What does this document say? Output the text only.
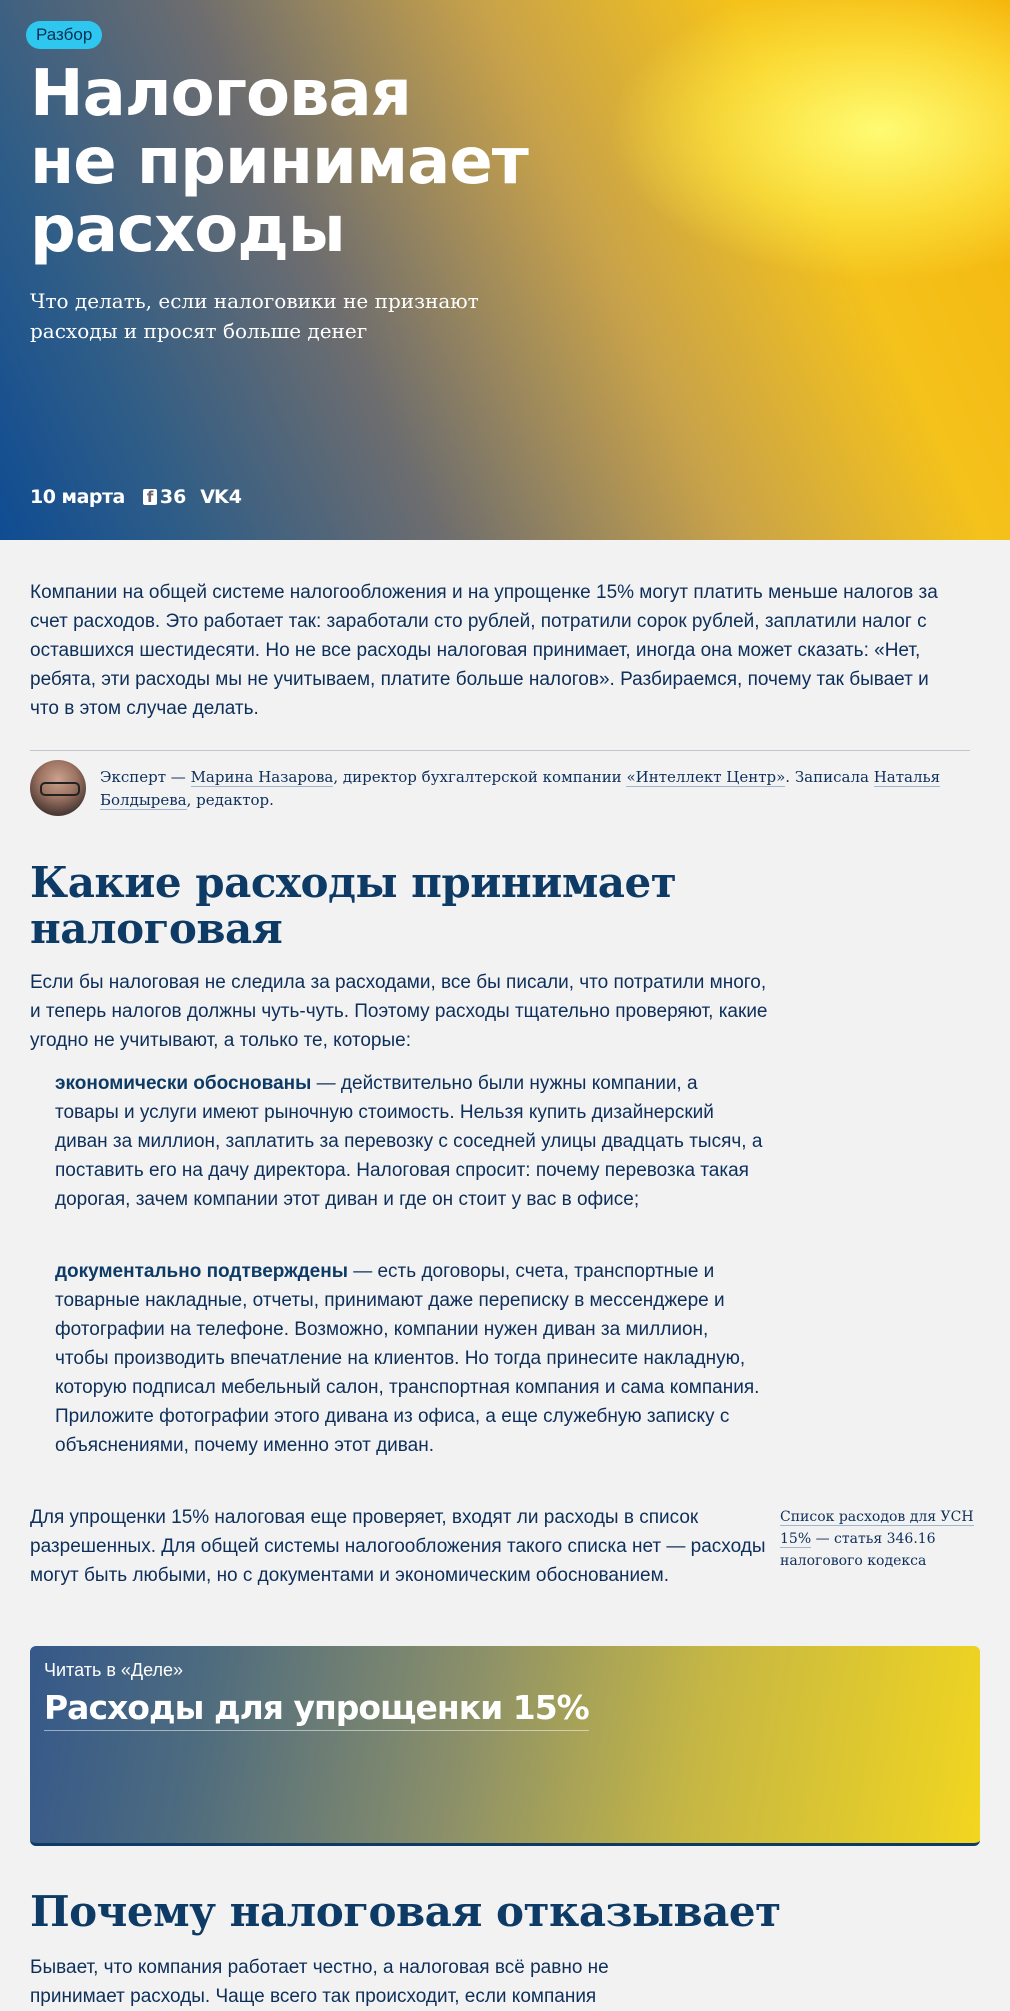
Разбор
Налоговая
не принимает
расходы

Что делать, если налоговики не признают расходы и просят больше денег

10 марта
f 36 VK 4

Компании на общей системе налогообложения и на упрощенке 15% могут платить меньше налогов за счет расходов. Это работает так: заработали сто рублей, потратили сорок рублей, заплатили налог с оставшихся шестидесяти. Но не все расходы налоговая принимает, иногда она может сказать: «Нет, ребята, эти расходы мы не учитываем, платите больше налогов». Разбираемся, почему так бывает и что в этом случае делать.

Эксперт — Марина Назарова, директор бухгалтерской компании «Интеллект Центр». Записала Наталья Болдырева, редактор.
Какие расходы принимает налоговая

Если бы налоговая не следила за расходами, все бы писали, что потратили много, и теперь налогов должны чуть-чуть. Поэтому расходы тщательно проверяют, какие угодно не учитывают, а только те, которые:

экономически обоснованы — действительно были нужны компании, а товары и услуги имеют рыночную стоимость. Нельзя купить дизайнерский диван за миллион, заплатить за перевозку с соседней улицы двадцать тысяч, а поставить его на дачу директора. Налоговая спросит: почему перевозка такая дорогая, зачем компании этот диван и где он стоит у вас в офисе;

документально подтверждены — есть договоры, счета, транспортные и товарные накладные, отчеты, принимают даже переписку в мессенджере и фотографии на телефоне. Возможно, компании нужен диван за миллион, чтобы производить впечатление на клиентов. Но тогда принесите накладную, которую подписал мебельный салон, транспортная компания и сама компания. Приложите фотографии этого дивана из офиса, а еще служебную записку с объяснениями, почему именно этот диван.

Для упрощенки 15% налоговая еще проверяет, входят ли расходы в список разрешенных. Для общей системы налогообложения такого списка нет — расходы могут быть любыми, но с документами и экономическим обоснованием.

Список расходов для УСН 15% — статья 346.16 налогового кодекса

Читать в «Деле»
Расходы для упрощенки 15%
Почему налоговая отказывает

Бывает, что компания работает честно, а налоговая всё равно не принимает расходы. Чаще всего так происходит, если компания
